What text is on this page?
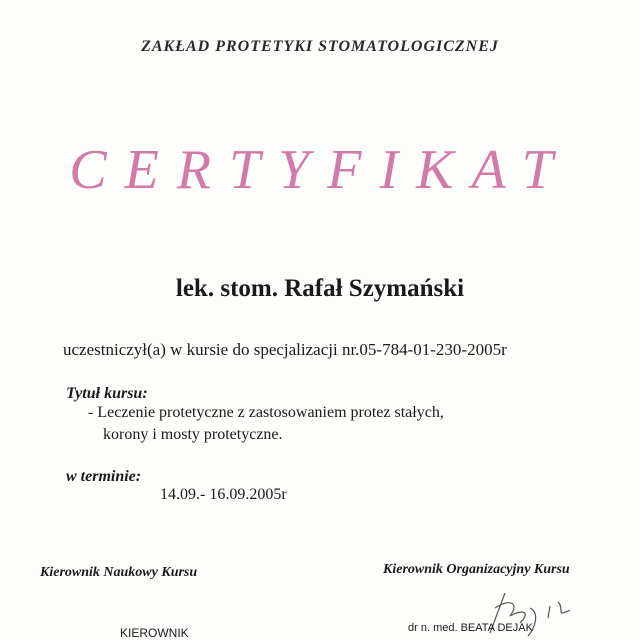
ZAKŁAD PROTETYKI STOMATOLOGICZNEJ
CERTYFIKAT
lek. stom. Rafał Szymański
uczestniczył(a) w kursie do specjalizacji nr.05-784-01-230-2005r
Tytuł kursu:
- Leczenie protetyczne z zastosowaniem protez stałych,
korony i mosty protetyczne.
w terminie:
14.09.- 16.09.2005r
Kierownik Naukowy Kursu	Kierownik Organizacyjny Kursu
KIEROWNIK	dr n. med. BEATA DEJAK
